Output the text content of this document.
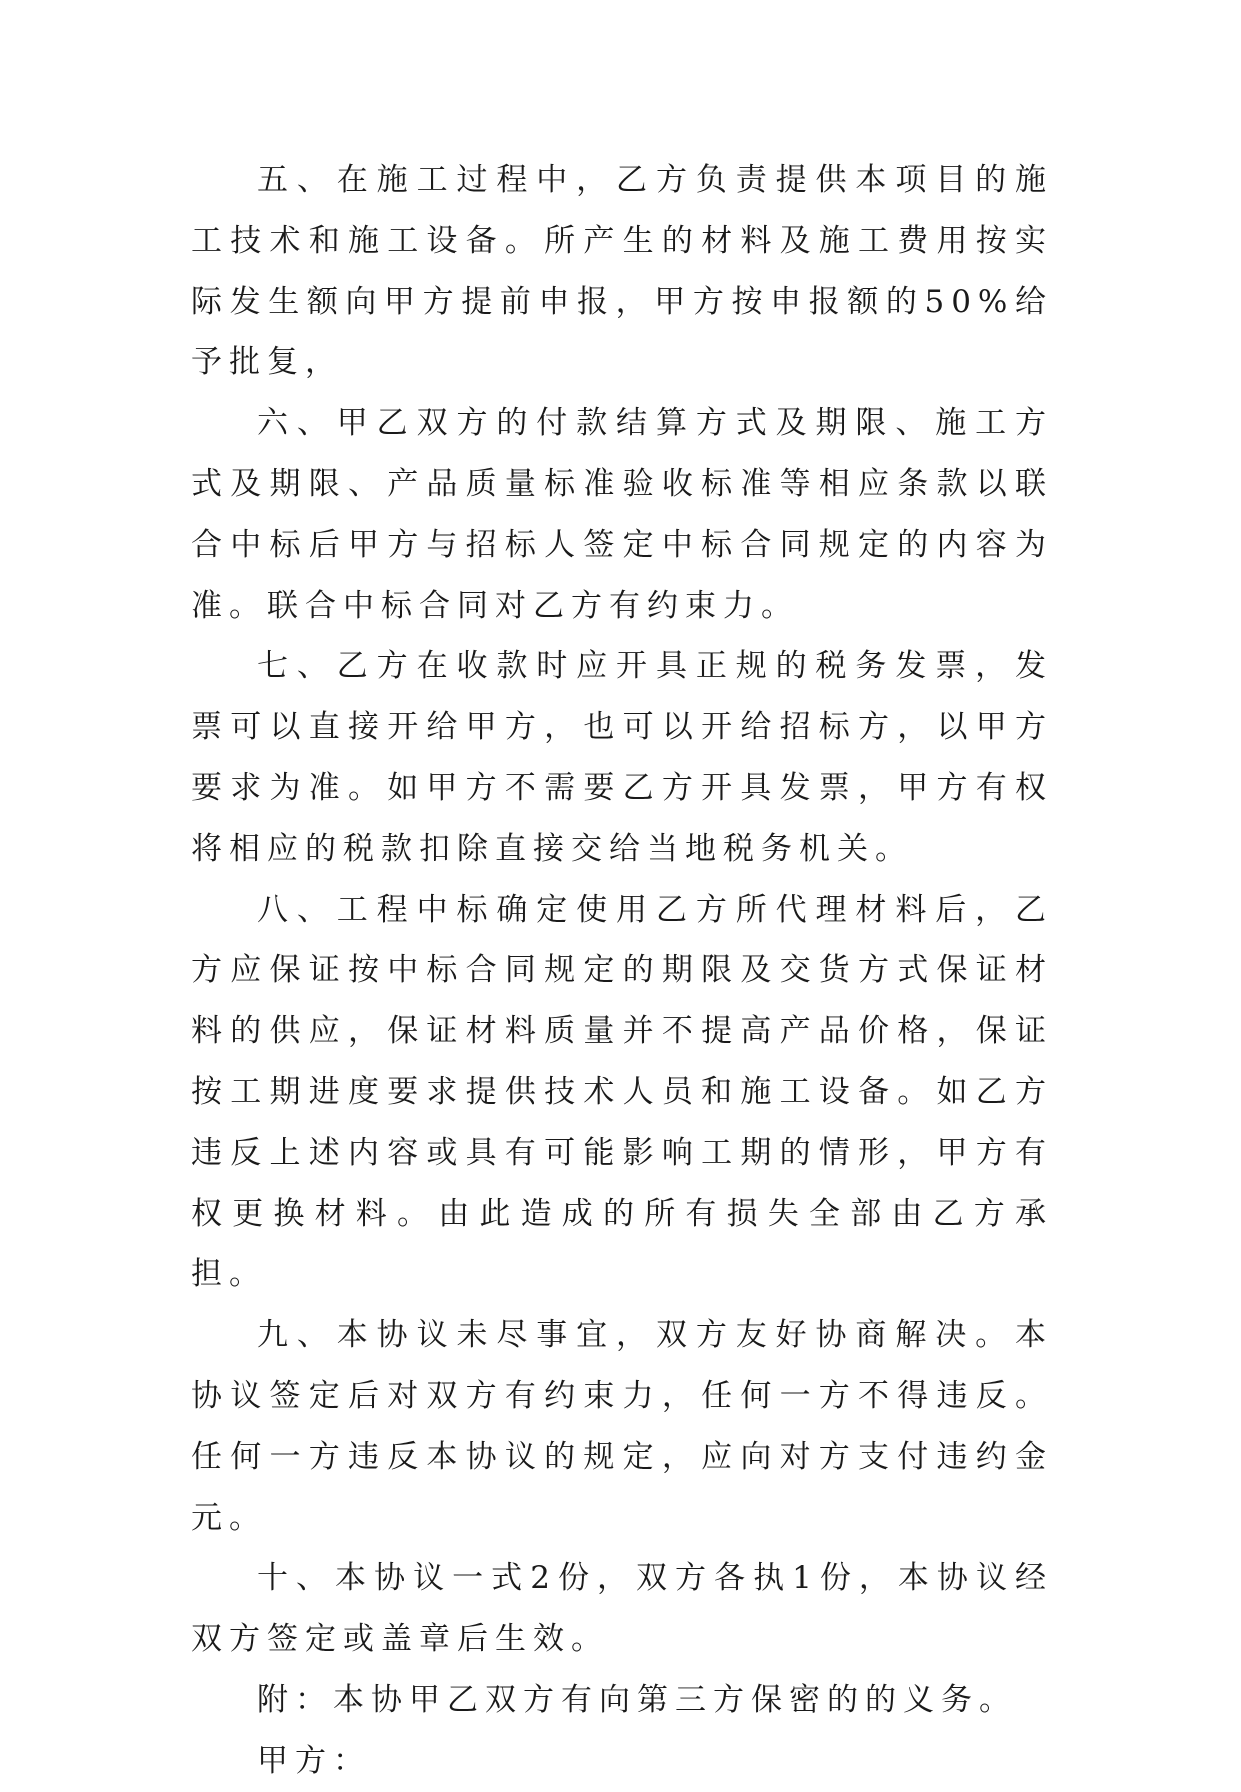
五、在施工过程中，乙方负责提供本项目的施工技术和施工设备。所产生的材料及施工费用按实际发生额向甲方提前申报，甲方按申报额的50%给予批复，

六、甲乙双方的付款结算方式及期限、施工方式及期限、产品质量标准验收标准等相应条款以联合中标后甲方与招标人签定中标合同规定的内容为准。联合中标合同对乙方有约束力。

七、乙方在收款时应开具正规的税务发票，发票可以直接开给甲方，也可以开给招标方，以甲方要求为准。如甲方不需要乙方开具发票，甲方有权将相应的税款扣除直接交给当地税务机关。

八、工程中标确定使用乙方所代理材料后，乙方应保证按中标合同规定的期限及交货方式保证材料的供应，保证材料质量并不提高产品价格，保证按工期进度要求提供技术人员和施工设备。如乙方违反上述内容或具有可能影响工期的情形，甲方有权更换材料。由此造成的所有损失全部由乙方承担。

九、本协议未尽事宜，双方友好协商解决。本协议签定后对双方有约束力，任何一方不得违反。任何一方违反本协议的规定，应向对方支付违约金元。

十、本协议一式2份，双方各执1份，本协议经双方签定或盖章后生效。

附：本协甲乙双方有向第三方保密的的义务。

甲方：
